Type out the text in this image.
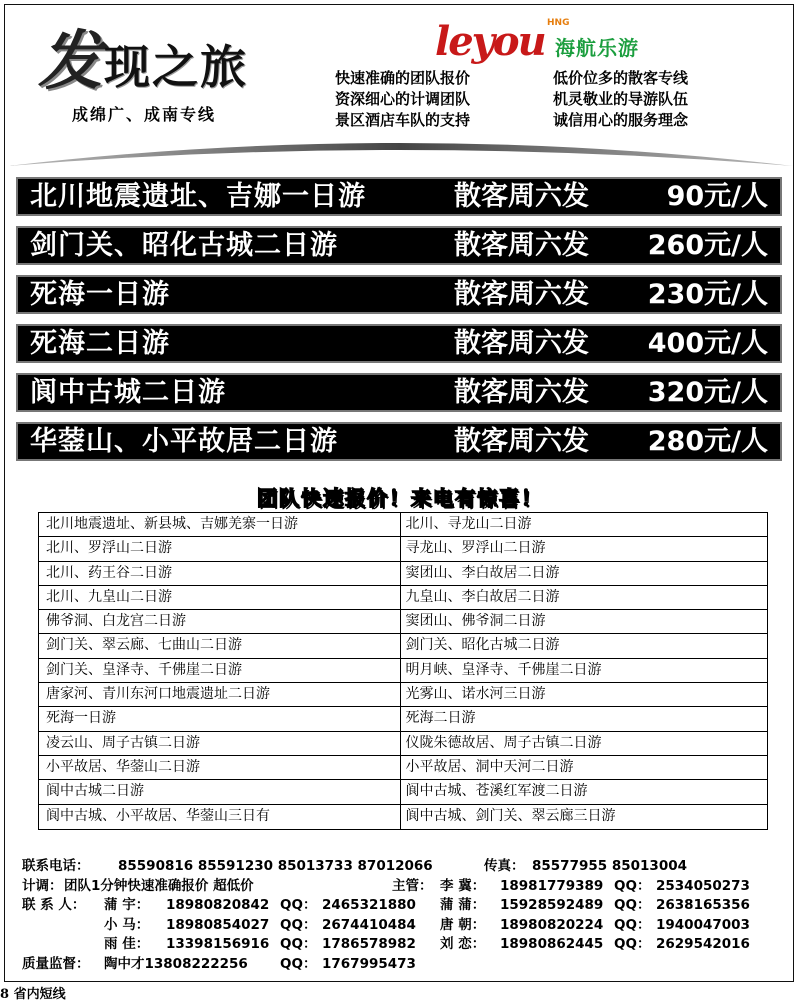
发现之旅
成绵广、成南专线
leyou HNG
海航乐游
快速准确的团队报价	低价位多的散客专线
资深细心的计调团队	机灵敬业的导游队伍
景区酒店车队的支持	诚信用心的服务理念
北川地震遗址、吉娜一日游	散客周六发	90元/人
剑门关、昭化古城二日游	散客周六发 260元/人
死海一日游	散客周六发 230元/人
死海二日游	散客周六发 400元/人
阆中古城二日游	散客周六发 320元/人
华蓥山、小平故居二日游	散客周六发 280元/人
团队快速报价！来电有惊喜！
北川地震遗址、新县城、吉娜羌寨一日游	北川、寻龙山二日游
北川、罗浮山二日游	寻龙山、罗浮山二日游
北川、药王谷二日游	窦团山、李白故居二日游
北川、九皇山二日游	九皇山、李白故居二日游
佛爷洞、白龙宫二日游	窦团山、佛爷洞二日游
剑门关、翠云廊、七曲山二日游	剑门关、昭化古城二日游
剑门关、皇泽寺、千佛崖二日游	明月峡、皇泽寺、千佛崖二日游
唐家河、青川东河口地震遗址二日游	光雾山、诺水河三日游
死海一日游	死海二日游
凌云山、周子古镇二日游	仪陇朱德故居、周子古镇二日游
小平故居、华蓥山二日游	小平故居、洞中天河二日游
阆中古城二日游	阆中古城、苍溪红军渡二日游
阆中古城、小平故居、华蓥山三日有	阆中古城、剑门关、翠云廊三日游
联系电话： 85590816 85591230 85013733 87012066	传真： 85577955 85013004
计调： 团队1分钟快速准确报价 超低价	主管： 李 冀： 18981779389 QQ： 2534050273
联 系 人： 蒲 宇： 18980820842 QQ： 2465321880 蒲 蒲： 15928592489 QQ： 2638165356
小 马： 18980854027 QQ： 2674410484 唐 朝： 18980820224 QQ： 1940047003
雨 佳： 13398156916 QQ： 1786578982 刘 恋： 18980862445 QQ： 2629542016
质量监督： 陶中才13808222256 QQ： 1767995473
8 省内短线
